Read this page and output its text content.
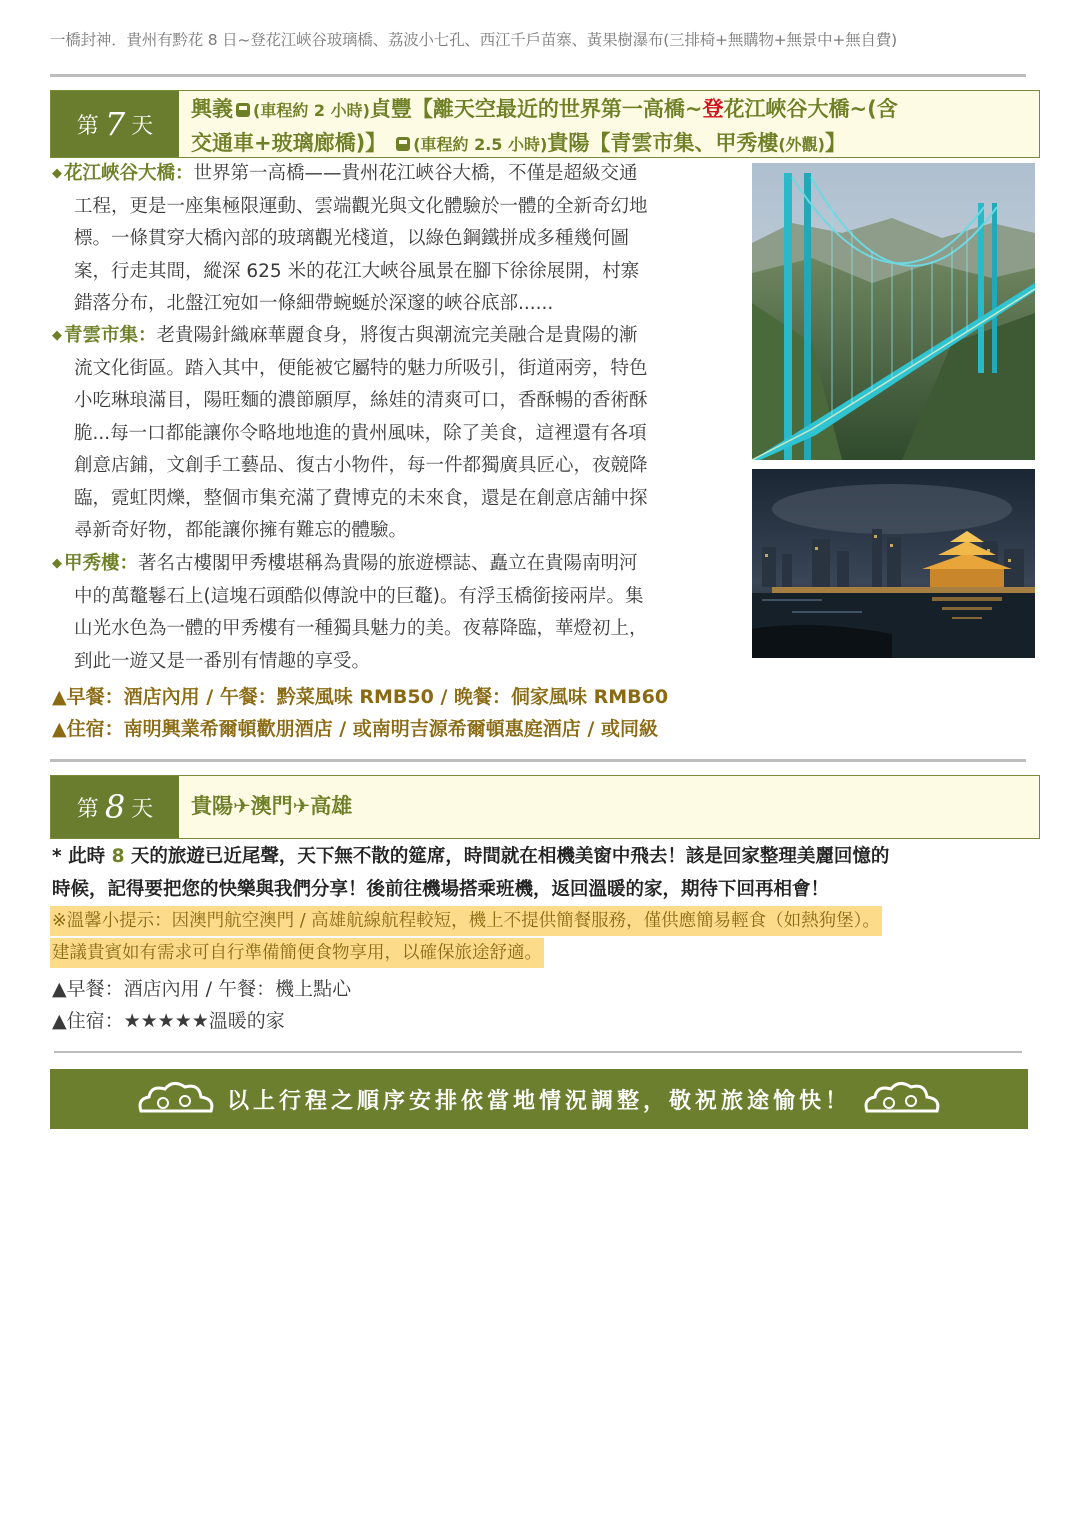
一橋封神．貴州有黔花 8 日~登花江峽谷玻璃橋、荔波小七孔、西江千戶苗寨、黃果樹瀑布(三排椅+無購物+無景中+無自費)
第 7 天
興義 (車程約 2 小時)貞豐【離天空最近的世界第一高橋~登花江峽谷大橋~(含
交通車+玻璃廊橋)】 (車程約 2.5 小時)貴陽【青雲市集、甲秀樓(外觀)】
◆ 花江峽谷大橋：世界第一高橋——貴州花江峽谷大橋，不僅是超級交通
工程，更是一座集極限運動、雲端觀光與文化體驗於一體的全新奇幻地
標。一條貫穿大橋內部的玻璃觀光棧道，以綠色鋼鐵拼成多種幾何圖
案，行走其間，縱深 625 米的花江大峽谷風景在腳下徐徐展開，村寨
錯落分布，北盤江宛如一條細帶蜿蜒於深邃的峽谷底部......
◆ 青雲市集：老貴陽針織麻華麗食身，將復古與潮流完美融合是貴陽的漸
流文化街區。踏入其中，便能被它屬特的魅力所吸引，街道兩旁，特色
小吃琳琅滿目，陽旺麵的濃節願厚，絲娃的清爽可口，香酥暢的香術酥
脆...每一口都能讓你令略地地進的貴州風味，除了美食，這裡還有各項
創意店鋪，文創手工藝品、復古小物件，每一件都獨廣具匠心，夜競降
臨，霓虹閃爍，整個市集充滿了費博克的未來食，還是在創意店舖中探
尋新奇好物，都能讓你擁有難忘的體驗。
◆ 甲秀樓：著名古樓閣甲秀樓堪稱為貴陽的旅遊標誌、矗立在貴陽南明河
中的萬鼇鬈石上(這塊石頭酷似傳說中的巨鼇)。有浮玉橋銜接兩岸。集
山光水色為一體的甲秀樓有一種獨具魅力的美。夜幕降臨，華燈初上，
到此一遊又是一番別有情趣的享受。
▲早餐：酒店內用 / 午餐：黔菜風味 RMB50 / 晚餐：侗家風味 RMB60
▲住宿：南明興業希爾頓歡朋酒店 / 或南明吉源希爾頓惠庭酒店 / 或同級
第 8 天 貴陽✈澳門✈高雄
* 此時 8 天的旅遊已近尾聲，天下無不散的筵席，時間就在相機美窗中飛去！該是回家整理美麗回憶的
時候，記得要把您的快樂與我們分享！後前往機場搭乘班機，返回溫暖的家，期待下回再相會！
※溫馨小提示：因澳門航空澳門 / 高雄航線航程較短，機上不提供簡餐服務，僅供應簡易輕食（如熱狗堡）。
建議貴賓如有需求可自行準備簡便食物享用，以確保旅途舒適。
▲早餐：酒店內用 / 午餐：機上點心
▲住宿：★★★★★溫暖的家
以上行程之順序安排依當地情況調整，敬祝旅途愉快！
